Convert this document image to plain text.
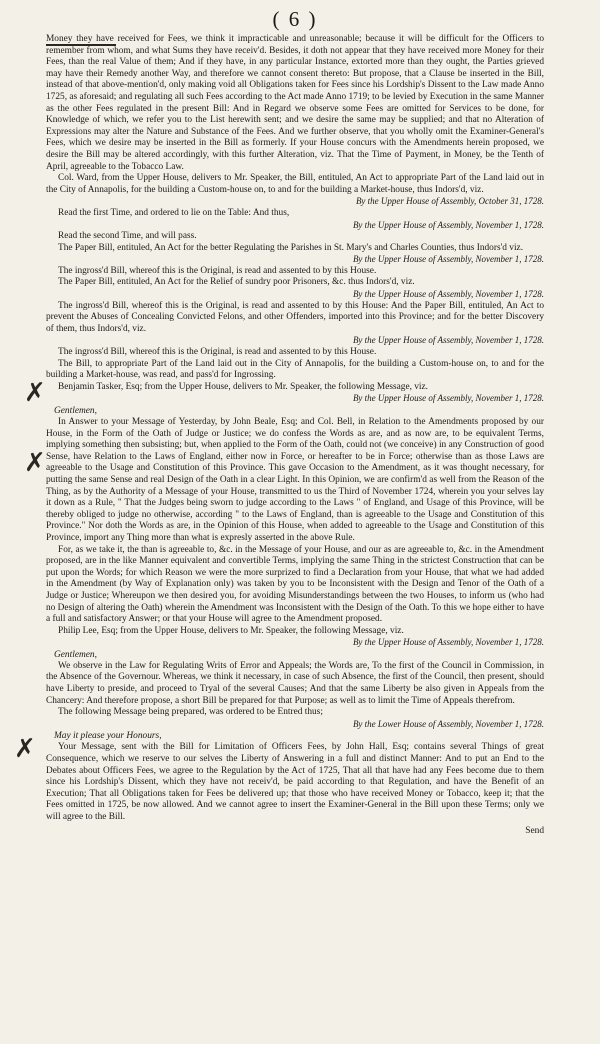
( 6 )

Money they have received for Fees, we think it impracticable and unreasonable; because it will be difficult for the Officers to remember from whom, and what Sums they have receiv'd. Besides, it doth not appear that they have received more Money for their Fees, than the real Value of them; And if they have, in any particular Instance, extorted more than they ought, the Parties grieved may have their Remedy another Way, and therefore we cannot consent thereto: But propose, that a Clause be inserted in the Bill, instead of that above-mention'd, only making void all Obligations taken for Fees since his Lordship's Dissent to the Law made Anno 1725, as aforesaid; and regulating all such Fees according to the Act made Anno 1719; to be levied by Execution in the same Manner as the other Fees regulated in the present Bill: And in Regard we observe some Fees are omitted for Services to be done, for Knowledge of which, we refer you to the List herewith sent; and we desire the same may be supplied; and that no Alteration of Expressions may alter the Nature and Substance of the Fees. And we further observe, that you wholly omit the Examiner-General's Fees, which we desire may be inserted in the Bill as formerly. If your House concurs with the Amendments herein proposed, we desire the Bill may be altered accordingly, with this further Alteration, viz. That the Time of Payment, in Money, be the Tenth of April, agreeable to the Tobacco Law.

Col. Ward, from the Upper House, delivers to Mr. Speaker, the Bill, entituled, An Act to appropriate Part of the Land laid out in the City of Annapolis, for the building a Custom-house on, to and for the building a Market-house, thus Indors'd, viz.

By the Upper House of Assembly, October 31, 1728.

Read the first Time, and ordered to lie on the Table: And thus,

By the Upper House of Assembly, November 1, 1728.

Read the second Time, and will pass.

The Paper Bill, entituled, An Act for the better Regulating the Parishes in St. Mary's and Charles Counties, thus Indors'd viz.

By the Upper House of Assembly, November 1, 1728.

The ingross'd Bill, whereof this is the Original, is read and assented to by this House.

The Paper Bill, entituled, An Act for the Relief of sundry poor Prisoners, &c. thus Indors'd, viz.

By the Upper House of Assembly, November 1, 1728.

The ingross'd Bill, whereof this is the Original, is read and assented to by this House: And the Paper Bill, entituled, An Act to prevent the Abuses of Concealing Convicted Felons, and other Offenders, imported into this Province; and for the better Discovery of them, thus Indors'd, viz.

By the Upper House of Assembly, November 1, 1728.

The ingross'd Bill, whereof this is the Original, is read and assented to by this House.

The Bill, to appropriate Part of the Land laid out in the City of Annapolis, for the building a Custom-house on, to and for the building a Market-house, was read, and pass'd for Ingrossing.

Benjamin Tasker, Esq; from the Upper House, delivers to Mr. Speaker, the following Message, viz.

By the Upper House of Assembly, November 1, 1728.

Gentlemen,

In Answer to your Message of Yesterday, by John Beale, Esq; and Col. Bell, in Relation to the Amendments proposed by our House, in the Form of the Oath of Judge or Justice; we do confess the Words as are, and as now are, to be equivalent Terms, implying something then subsisting; but, when applied to the Form of the Oath, could not (we conceive) in any Construction of good Sense, have Relation to the Laws of England, either now in Force, or hereafter to be in Force; otherwise than as those Laws are agreeable to the Usage and Constitution of this Province. This gave Occasion to the Amendment, as it was thought necessary, for putting the same Sense and real Design of the Oath in a clear Light. In this Opinion, we are confirm'd as well from the Reason of the Thing, as by the Authority of a Message of your House, transmitted to us the Third of November 1724, wherein you your selves lay it down as a Rule, " That the Judges being sworn to judge according to the Laws " of England, and Usage of this Province, will be thereby obliged to judge no otherwise, according " to the Laws of England, than is agreeable to the Usage and Constitution of this Province." Nor doth the Words as are, in the Opinion of this House, when added to agreeable to the Usage and Constitution of this Province, import any Thing more than what is expresly asserted in the above Rule.

For, as we take it, the than is agreeable to, &c. in the Message of your House, and our as are agreeable to, &c. in the Amendment proposed, are in the like Manner equivalent and convertible Terms, implying the same Thing in the strictest Construction that can be put upon the Words; for which Reason we were the more surprized to find a Declaration from your House, that what we had added in the Amendment (by Way of Explanation only) was taken by you to be Inconsistent with the Design and Tenor of the Oath of a Judge or Justice; Whereupon we then desired you, for avoiding Misunderstandings between the two Houses, to inform us (who had no Design of altering the Oath) wherein the Amendment was Inconsistent with the Design of the Oath. To this we hope either to have a full and satisfactory Answer; or that your House will agree to the Amendment proposed.

Philip Lee, Esq; from the Upper House, delivers to Mr. Speaker, the following Message, viz.

By the Upper House of Assembly, November 1, 1728.

Gentlemen,

We observe in the Law for Regulating Writs of Error and Appeals; the Words are, To the first of the Council in Commission, in the Absence of the Governour. Whereas, we think it necessary, in case of such Absence, the first of the Council, then present, should have Liberty to preside, and proceed to Tryal of the several Causes; And that the same Liberty be also given in Appeals from the Chancery: And therefore propose, a short Bill be prepared for that Purpose; as well as to limit the Time of Appeals therefrom.

The following Message being prepared, was ordered to be Entred thus;

By the Lower House of Assembly, November 1, 1728.

May it please your Honours,

Your Message, sent with the Bill for Limitation of Officers Fees, by John Hall, Esq; contains several Things of great Consequence, which we reserve to our selves the Liberty of Answering in a full and distinct Manner: And to put an End to the Debates about Officers Fees, we agree to the Regulation by the Act of 1725, That all that have had any Fees become due to them since his Lordship's Dissent, which they have not receiv'd, be paid according to that Regulation, and have the Benefit of an Execution; That all Obligations taken for Fees be delivered up; that those who have received Money or Tobacco, keep it; that the Fees omitted in 1725, be now allowed. And we cannot agree to insert the Examiner-General in the Bill upon these Terms; only we will agree to the Bill.

Send
✗
✗
✗
